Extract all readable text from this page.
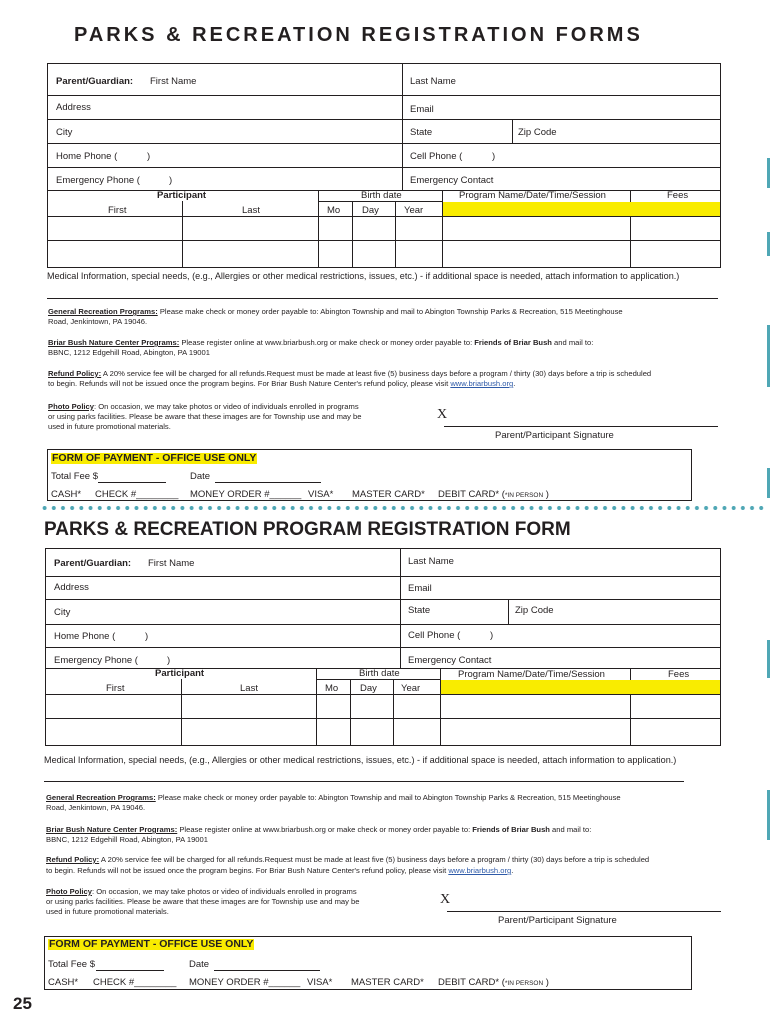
PARKS & RECREATION REGISTRATION FORMS
Parent/Guardian: First Name	Last Name
Address	Email
City	State	Zip Code
Home Phone (	)	Cell Phone (	)
Emergency Phone (	)	Emergency Contact
Participant	Birth date	Program Name/Date/Time/Session	Fees
First	Last	Mo Day	Year
Medical Information, special needs, (e.g., Allergies or other medical restrictions, issues, etc.) - if additional space is needed, attach information to application.)
General Recreation Programs: Please make check or money order payable to: Abington Township and mail to Abington Township Parks & Recreation, 515 Meetinghouse
Road, Jenkintown, PA 19046.
Briar Bush Nature Center Programs: Please register online at www.briarbush.org or make check or money order payable to: Friends of Briar Bush and mail to:
BBNC, 1212 Edgehill Road, Abington, PA 19001
Refund Policy: A 20% service fee will be charged for all refunds.Request must be made at least five (5) business days before a program / thirty (30) days before a trip is scheduled
to begin. Refunds will not be issued once the program begins. For Briar Bush Nature Center's refund policy, please visit www.briarbush.org.
Photo Policy: On occasion, we may take photos or video of individuals enrolled in programs
or using parks facilities. Please be aware that these images are for Township use and may be
used in future promotional materials.
X
Parent/Participant Signature
FORM OF PAYMENT - OFFICE USE ONLY
Total Fee $	Date
CASH* CHECK #________ MONEY ORDER #______ VISA* MASTER CARD* DEBIT CARD* (*IN PERSON )
PARKS & RECREATION PROGRAM REGISTRATION FORM
Parent/Guardian: First Name	Last Name
Address	Email
City	State	Zip Code
Home Phone (	)	Cell Phone (	)
Emergency Phone (	)	Emergency Contact
Participant	Birth date	Program Name/Date/Time/Session	Fees
First	Last	Mo Day	Year
Medical Information, special needs, (e.g., Allergies or other medical restrictions, issues, etc.) - if additional space is needed, attach information to application.)
General Recreation Programs: Please make check or money order payable to: Abington Township and mail to Abington Township Parks & Recreation, 515 Meetinghouse
Road, Jenkintown, PA 19046.
Briar Bush Nature Center Programs: Please register online at www.briarbush.org or make check or money order payable to: Friends of Briar Bush and mail to:
BBNC, 1212 Edgehill Road, Abington, PA 19001
Refund Policy: A 20% service fee will be charged for all refunds.Request must be made at least five (5) business days before a program / thirty (30) days before a trip is scheduled
to begin. Refunds will not be issued once the program begins. For Briar Bush Nature Center's refund policy, please visit www.briarbush.org.
Photo Policy: On occasion, we may take photos or video of individuals enrolled in programs
or using parks facilities. Please be aware that these images are for Township use and may be
used in future promotional materials.
X
Parent/Participant Signature
FORM OF PAYMENT - OFFICE USE ONLY
Total Fee $	Date
CASH* CHECK #________ MONEY ORDER #______ VISA* MASTER CARD* DEBIT CARD* (*IN PERSON )
25
